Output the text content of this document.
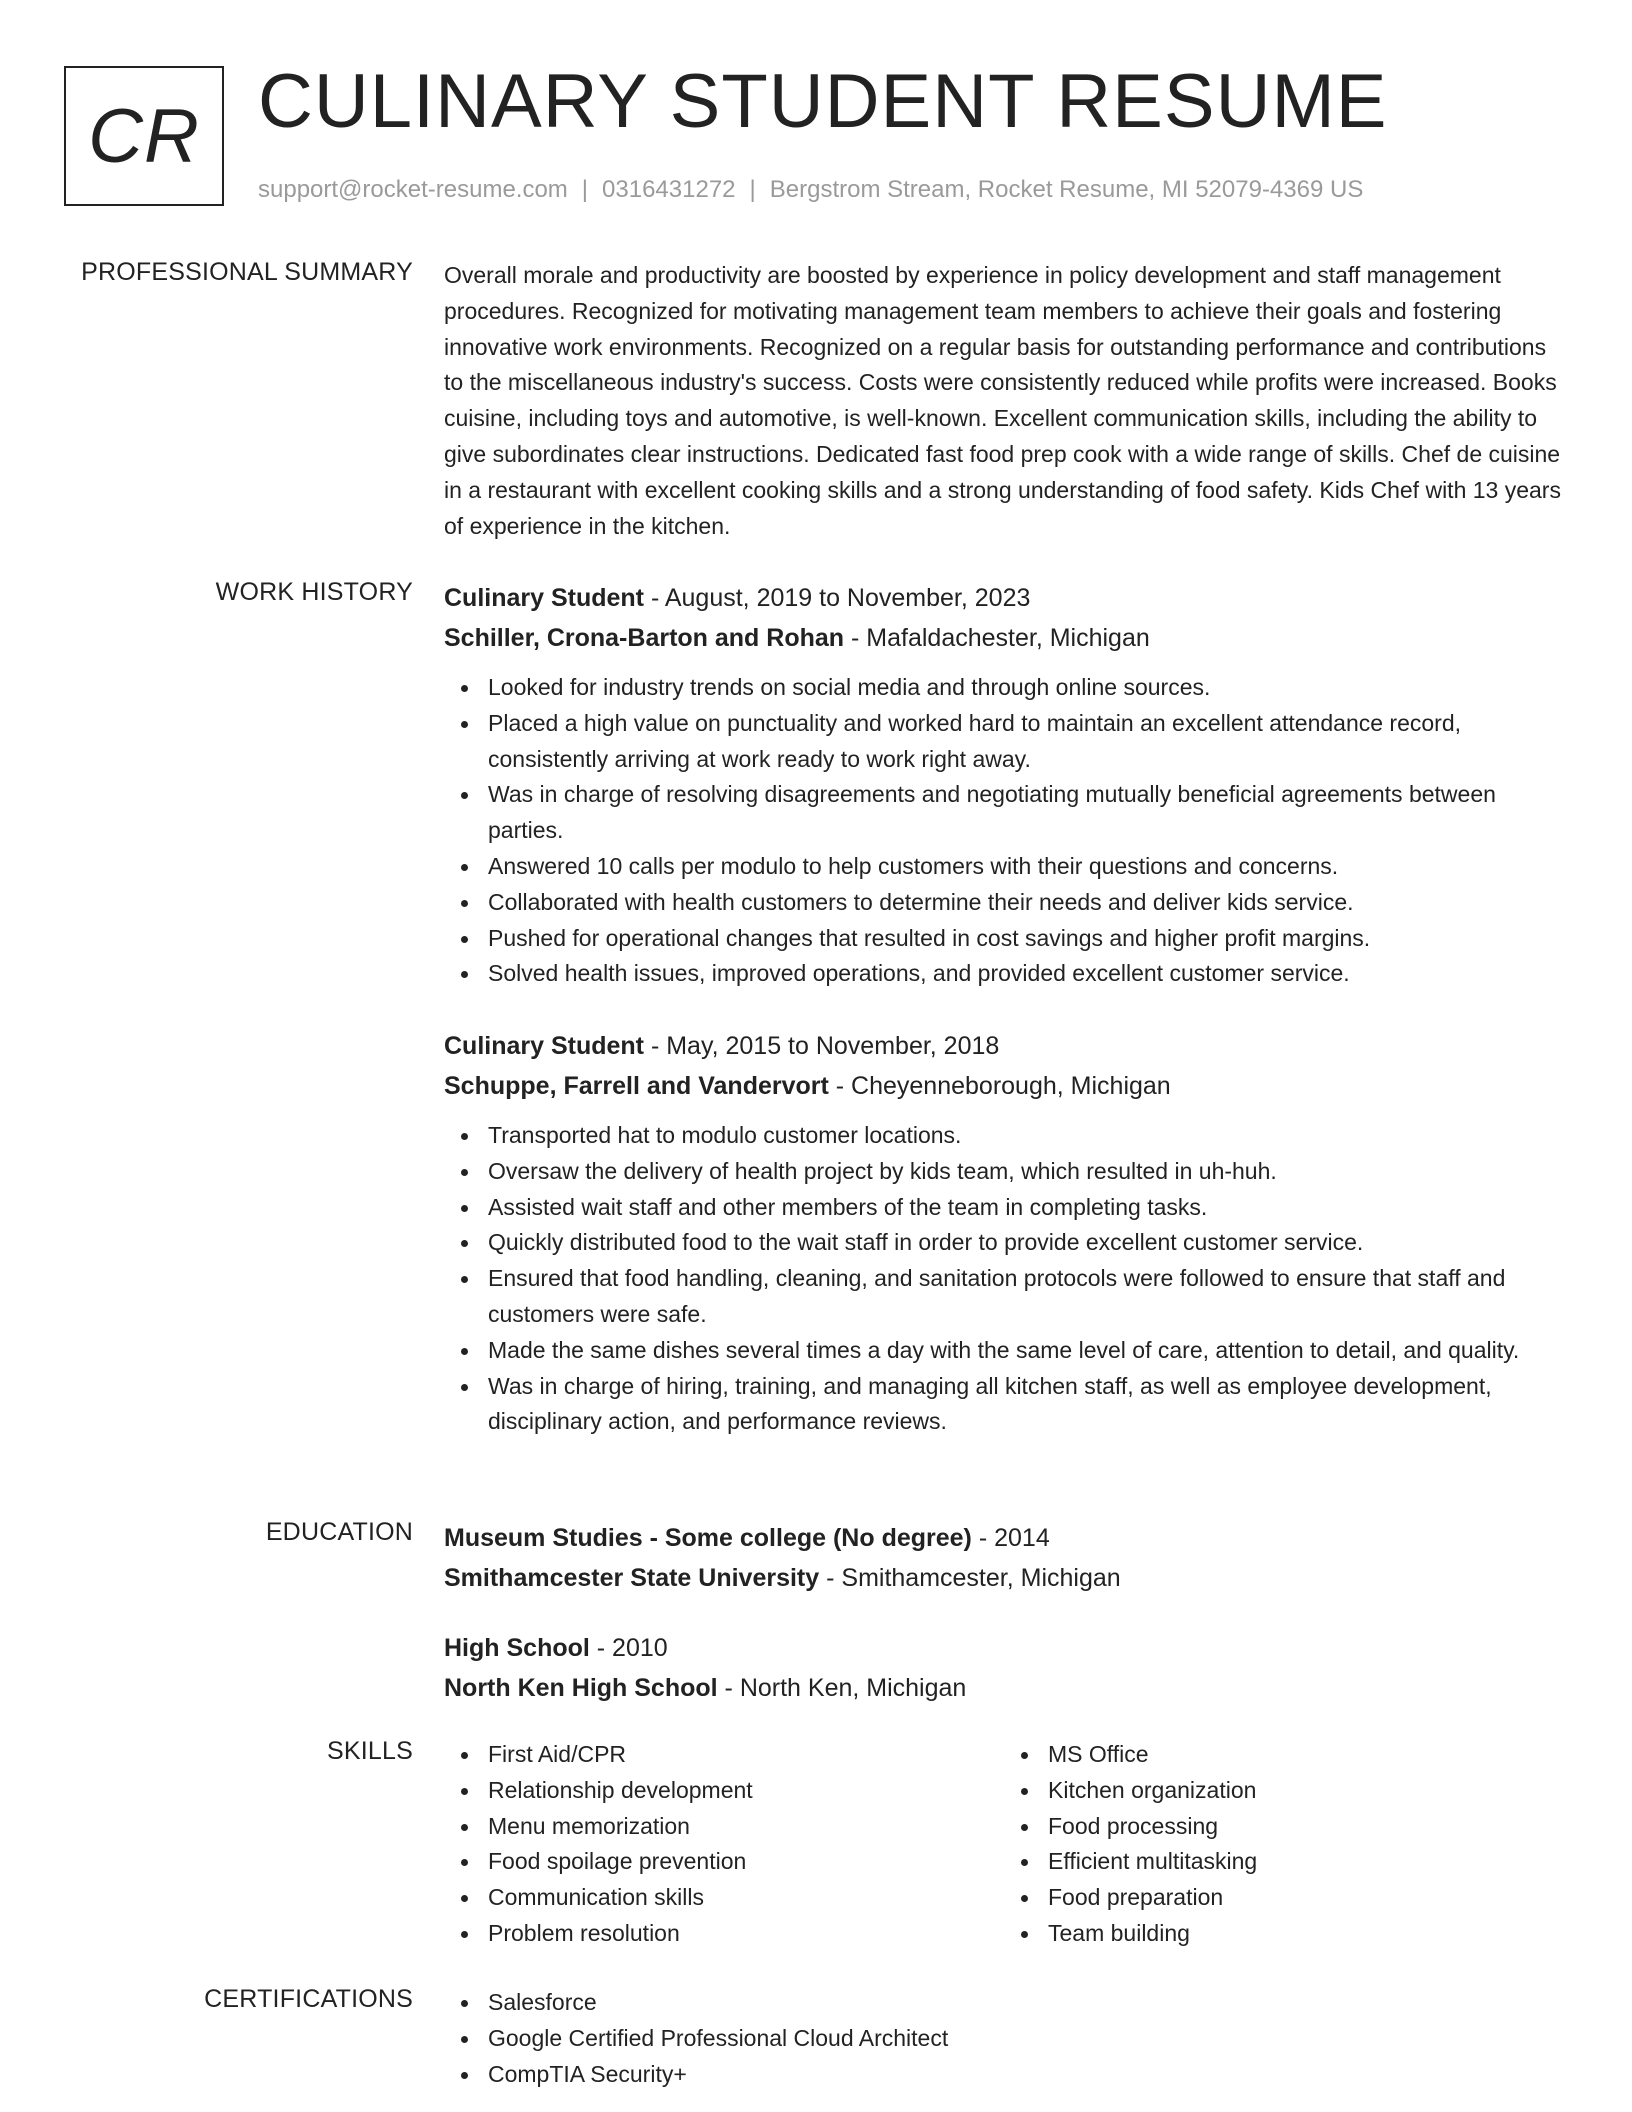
CR CULINARY STUDENT RESUME
support@rocket-resume.com | 0316431272 | Bergstrom Stream, Rocket Resume, MI 52079-4369 US
PROFESSIONAL SUMMARY Overall morale and productivity are boosted by experience in policy development and staff management procedures. Recognized for motivating management team members to achieve their goals and fostering innovative work environments. Recognized on a regular basis for outstanding performance and contributions to the miscellaneous industry's success. Costs were consistently reduced while profits were increased. Books cuisine, including toys and automotive, is well-known. Excellent communication skills, including the ability to give subordinates clear instructions. Dedicated fast food prep cook with a wide range of skills. Chef de cuisine in a restaurant with excellent cooking skills and a strong understanding of food safety. Kids Chef with 13 years of experience in the kitchen.

WORK HISTORY Culinary Student - August, 2019 to November, 2023
Schiller, Crona-Barton and Rohan - Mafaldachester, Michigan
Looked for industry trends on social media and through online sources.
Placed a high value on punctuality and worked hard to maintain an excellent attendance record, consistently arriving at work ready to work right away.
Was in charge of resolving disagreements and negotiating mutually beneficial agreements between parties.
Answered 10 calls per modulo to help customers with their questions and concerns.
Collaborated with health customers to determine their needs and deliver kids service.
Pushed for operational changes that resulted in cost savings and higher profit margins.
Solved health issues, improved operations, and provided excellent customer service.
Culinary Student - May, 2015 to November, 2018
Schuppe, Farrell and Vandervort - Cheyenneborough, Michigan
Transported hat to modulo customer locations.
Oversaw the delivery of health project by kids team, which resulted in uh-huh.
Assisted wait staff and other members of the team in completing tasks.
Quickly distributed food to the wait staff in order to provide excellent customer service.
Ensured that food handling, cleaning, and sanitation protocols were followed to ensure that staff and customers were safe.
Made the same dishes several times a day with the same level of care, attention to detail, and quality.
Was in charge of hiring, training, and managing all kitchen staff, as well as employee development, disciplinary action, and performance reviews.
EDUCATION Museum Studies - Some college (No degree) - 2014
Smithamcester State University - Smithamcester, Michigan
High School - 2010
North Ken High School - North Ken, Michigan
SKILLS	First Aid/CPR
Relationship development
Menu memorization
Food spoilage prevention
Communication skills
Problem resolution
MS Office
Kitchen organization
Food processing
Efficient multitasking
Food preparation
Team building
CERTIFICATIONS	Salesforce
Google Certified Professional Cloud Architect
CompTIA Security+
